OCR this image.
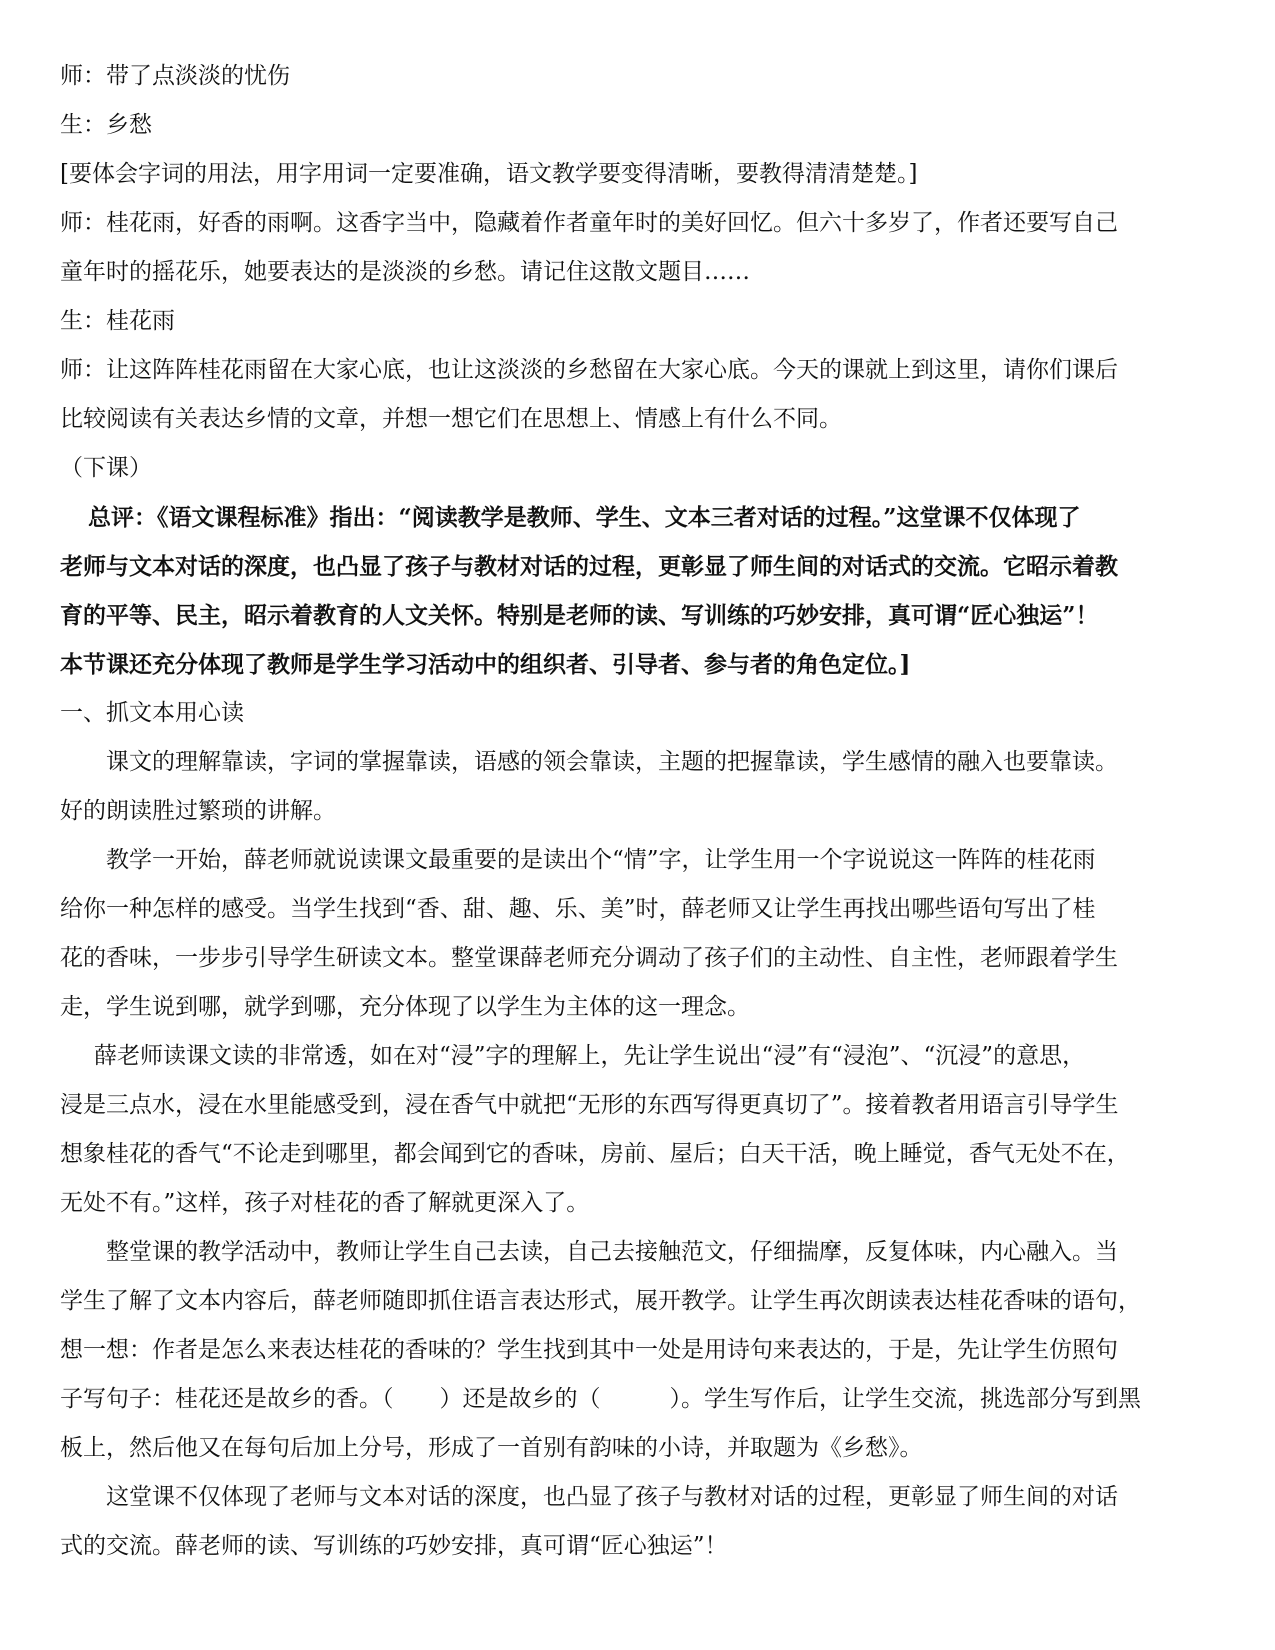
师：带了点淡淡的忧伤

生：乡愁

[要体会字词的用法，用字用词一定要准确，语文教学要变得清晰，要教得清清楚楚。]

师：桂花雨，好香的雨啊。这香字当中，隐藏着作者童年时的美好回忆。但六十多岁了，作者还要写自己

童年时的摇花乐，她要表达的是淡淡的乡愁。请记住这散文题目……

生：桂花雨

师：让这阵阵桂花雨留在大家心底，也让这淡淡的乡愁留在大家心底。今天的课就上到这里，请你们课后

比较阅读有关表达乡情的文章，并想一想它们在思想上、情感上有什么不同。

（下课）

总评：《语文课程标准》指出：“阅读教学是教师、学生、文本三者对话的过程。”这堂课不仅体现了

老师与文本对话的深度，也凸显了孩子与教材对话的过程，更彰显了师生间的对话式的交流。它昭示着教

育的平等、民主，昭示着教育的人文关怀。特别是老师的读、写训练的巧妙安排，真可谓“匠心独运”！

本节课还充分体现了教师是学生学习活动中的组织者、引导者、参与者的角色定位。]

一、抓文本用心读

课文的理解靠读，字词的掌握靠读，语感的领会靠读，主题的把握靠读，学生感情的融入也要靠读。

好的朗读胜过繁琐的讲解。

教学一开始，薛老师就说读课文最重要的是读出个“情”字，让学生用一个字说说这一阵阵的桂花雨

给你一种怎样的感受。当学生找到“香、甜、趣、乐、美”时，薛老师又让学生再找出哪些语句写出了桂

花的香味，一步步引导学生研读文本。整堂课薛老师充分调动了孩子们的主动性、自主性，老师跟着学生

走，学生说到哪，就学到哪，充分体现了以学生为主体的这一理念。

薛老师读课文读的非常透，如在对“浸”字的理解上，先让学生说出“浸”有“浸泡”、“沉浸”的意思，

浸是三点水，浸在水里能感受到，浸在香气中就把“无形的东西写得更真切了”。接着教者用语言引导学生

想象桂花的香气“不论走到哪里，都会闻到它的香味，房前、屋后；白天干活，晚上睡觉，香气无处不在，

无处不有。”这样，孩子对桂花的香了解就更深入了。

整堂课的教学活动中，教师让学生自己去读，自己去接触范文，仔细揣摩，反复体味，内心融入。当

学生了解了文本内容后，薛老师随即抓住语言表达形式，展开教学。让学生再次朗读表达桂花香味的语句，

想一想：作者是怎么来表达桂花的香味的？学生找到其中一处是用诗句来表达的，于是，先让学生仿照句

子写句子：桂花还是故乡的香。（　　）还是故乡的（　　　）。学生写作后，让学生交流，挑选部分写到黑

板上，然后他又在每句后加上分号，形成了一首别有韵味的小诗，并取题为《乡愁》。

这堂课不仅体现了老师与文本对话的深度，也凸显了孩子与教材对话的过程，更彰显了师生间的对话

式的交流。薛老师的读、写训练的巧妙安排，真可谓“匠心独运”！
